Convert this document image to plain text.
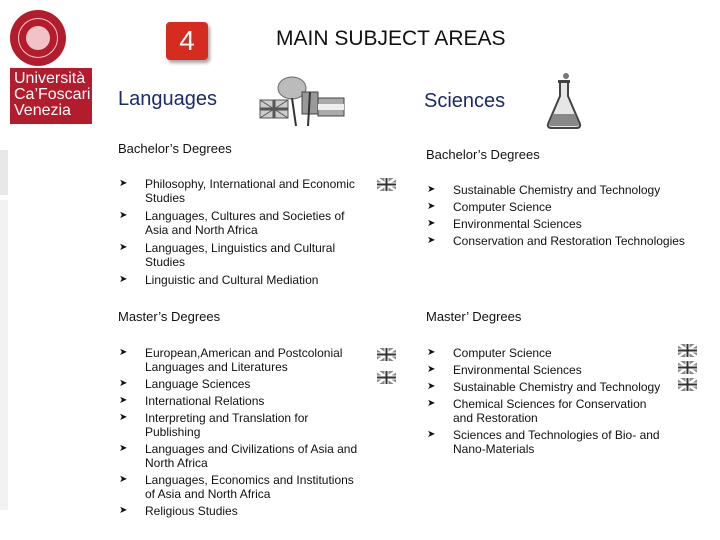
Università
Ca’Foscari
Venezia
4	MAIN SUBJECT AREAS
Languages
Bachelor’s Degrees
➤ Philosophy, International and Economic Studies
➤ Languages, Cultures and Societies of Asia and North Africa
➤ Languages, Linguistics and Cultural Studies
➤ Linguistic and Cultural Mediation
Master’s Degrees
➤ European,American and Postcolonial Languages and Literatures
➤ Language Sciences
➤ International Relations
➤ Interpreting and Translation for Publishing
➤ Languages and Civilizations of Asia and North Africa
➤ Languages, Economics and Institutions of Asia and North Africa
➤ Religious Studies
Sciences
Bachelor’s Degrees
➤ Sustainable Chemistry and Technology
➤ Computer Science
➤ Environmental Sciences
➤ Conservation and Restoration Technologies
Master’ Degrees
➤ Computer Science
➤ Environmental Sciences
➤ Sustainable Chemistry and Technology
➤ Chemical Sciences for Conservation and Restoration
➤ Sciences and Technologies of Bio- and Nano-Materials
